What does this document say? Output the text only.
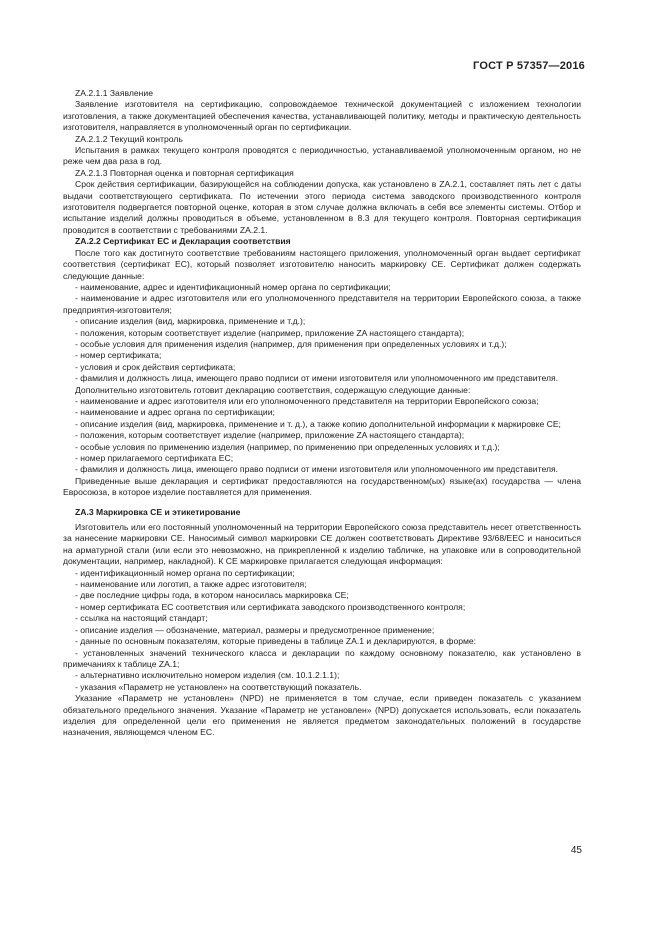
ГОСТ Р 57357—2016

ZA.2.1.1 Заявление

Заявление изготовителя на сертификацию, сопровождаемое технической документацией с изложением технологии изготовления, а также документацией обеспечения качества, устанавливающей политику, методы и практическую деятельность изготовителя, направляется в уполномоченный орган по сертификации.

ZA.2.1.2 Текущий контроль

Испытания в рамках текущего контроля проводятся с периодичностью, устанавливаемой уполномоченным органом, но не реже чем два раза в год.

ZA.2.1.3 Повторная оценка и повторная сертификация

Срок действия сертификации, базирующейся на соблюдении допуска, как установлено в ZA.2.1, составляет пять лет с даты выдачи соответствующего сертификата. По истечении этого периода система заводского производственного контроля изготовителя подвергается повторной оценке, которая в этом случае должна включать в себя все элементы системы. Отбор и испытание изделий должны проводиться в объеме, установленном в 8.3 для текущего контроля. Повторная сертификация проводится в соответствии с требованиями ZA.2.1.

ZA.2.2 Сертификат ЕС и Декларация соответствия

После того как достигнуто соответствие требованиям настоящего приложения, уполномоченный орган выдает сертификат соответствия (сертификат ЕС), который позволяет изготовителю наносить маркировку СЕ. Сертификат должен содержать следующие данные:

- наименование, адрес и идентификационный номер органа по сертификации;

- наименование и адрес изготовителя или его уполномоченного представителя на территории Европейского союза, а также предприятия-изготовителя;

- описание изделия (вид, маркировка, применение и т.д.);

- положения, которым соответствует изделие (например, приложение ZA настоящего стандарта);

- особые условия для применения изделия (например, для применения при определенных условиях и т.д.);

- номер сертификата;

- условия и срок действия сертификата;

- фамилия и должность лица, имеющего право подписи от имени изготовителя или уполномоченного им представителя.

Дополнительно изготовитель готовит декларацию соответствия, содержащую следующие данные:

- наименование и адрес изготовителя или его уполномоченного представителя на территории Европейского союза;

- наименование и адрес органа по сертификации;

- описание изделия (вид, маркировка, применение и т. д.), а также копию дополнительной информации к маркировке СЕ;

- положения, которым соответствует изделие (например, приложение ZA настоящего стандарта);

- особые условия по применению изделия (например, по применению при определенных условиях и т.д.);

- номер прилагаемого сертификата ЕС;

- фамилия и должность лица, имеющего право подписи от имени изготовителя или уполномоченного им представителя.

Приведенные выше декларация и сертификат предоставляются на государственном(ых) языке(ах) государства — члена Евросоюза, в которое изделие поставляется для применения.

ZA.3 Маркировка СЕ и этикетирование

Изготовитель или его постоянный уполномоченный на территории Европейского союза представитель несет ответственность за нанесение маркировки СЕ. Наносимый символ маркировки СЕ должен соответствовать Директиве 93/68/ЕЕС и наноситься на арматурной стали (или если это невозможно, на прикрепленной к изделию табличке, на упаковке или в сопроводительной документации, например, накладной). К СЕ маркировке прилагается следующая информация:

- идентификационный номер органа по сертификации;

- наименование или логотип, а также адрес изготовителя;

- две последние цифры года, в котором наносилась маркировка СЕ;

- номер сертификата ЕС соответствия или сертификата заводского производственного контроля;

- ссылка на настоящий стандарт;

- описание изделия — обозначение, материал, размеры и предусмотренное применение;

- данные по основным показателям, которые приведены в таблице ZA.1 и декларируются, в форме:

- установленных значений технического класса и декларации по каждому основному показателю, как установлено в примечаниях к таблице ZA.1;

- альтернативно исключительно номером изделия (см. 10.1.2.1.1);

- указания «Параметр не установлен» на соответствующий показатель.

Указание «Параметр не установлен» (NPD) не применяется в том случае, если приведен показатель с указанием обязательного предельного значения. Указание «Параметр не установлен» (NPD) допускается использовать, если показатель изделия для определенной цели его применения не является предметом законодательных положений в государстве назначения, являющемся членом ЕС.

45
